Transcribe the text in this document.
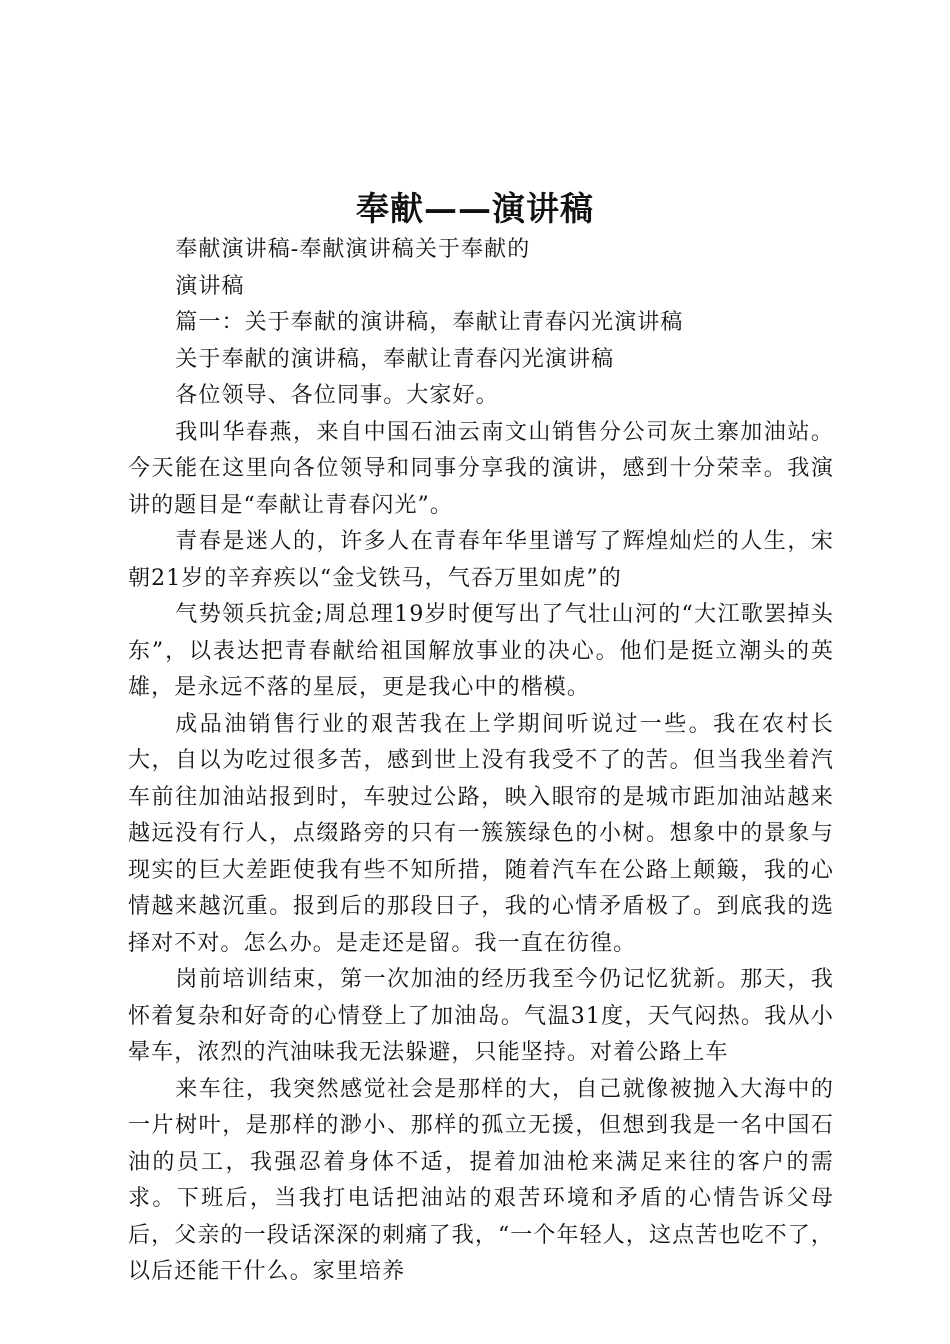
奉献——演讲稿

奉献演讲稿-奉献演讲稿关于奉献的

演讲稿

篇一：关于奉献的演讲稿，奉献让青春闪光演讲稿

关于奉献的演讲稿，奉献让青春闪光演讲稿

各位领导、各位同事。大家好。

我叫华春燕，来自中国石油云南文山销售分公司灰土寨加油站。今天能在这里向各位领导和同事分享我的演讲，感到十分荣幸。我演讲的题目是“奉献让青春闪光”。

青春是迷人的，许多人在青春年华里谱写了辉煌灿烂的人生，宋朝21岁的辛弃疾以“金戈铁马，气吞万里如虎”的

气势领兵抗金;周总理19岁时便写出了气壮山河的“大江歌罢掉头东”，以表达把青春献给祖国解放事业的决心。他们是挺立潮头的英雄，是永远不落的星辰，更是我心中的楷模。

成品油销售行业的艰苦我在上学期间听说过一些。我在农村长大，自以为吃过很多苦，感到世上没有我受不了的苦。但当我坐着汽车前往加油站报到时，车驶过公路，映入眼帘的是城市距加油站越来越远没有行人，点缀路旁的只有一簇簇绿色的小树。想象中的景象与现实的巨大差距使我有些不知所措，随着汽车在公路上颠簸，我的心情越来越沉重。报到后的那段日子，我的心情矛盾极了。到底我的选择对不对。怎么办。是走还是留。我一直在彷徨。

岗前培训结束，第一次加油的经历我至今仍记忆犹新。那天，我怀着复杂和好奇的心情登上了加油岛。气温31度，天气闷热。我从小晕车，浓烈的汽油味我无法躲避，只能坚持。对着公路上车

来车往，我突然感觉社会是那样的大，自己就像被抛入大海中的一片树叶，是那样的渺小、那样的孤立无援，但想到我是一名中国石油的员工，我强忍着身体不适，提着加油枪来满足来往的客户的需求。下班后，当我打电话把油站的艰苦环境和矛盾的心情告诉父母后，父亲的一段话深深的刺痛了我，“一个年轻人，这点苦也吃不了，以后还能干什么。家里培养
